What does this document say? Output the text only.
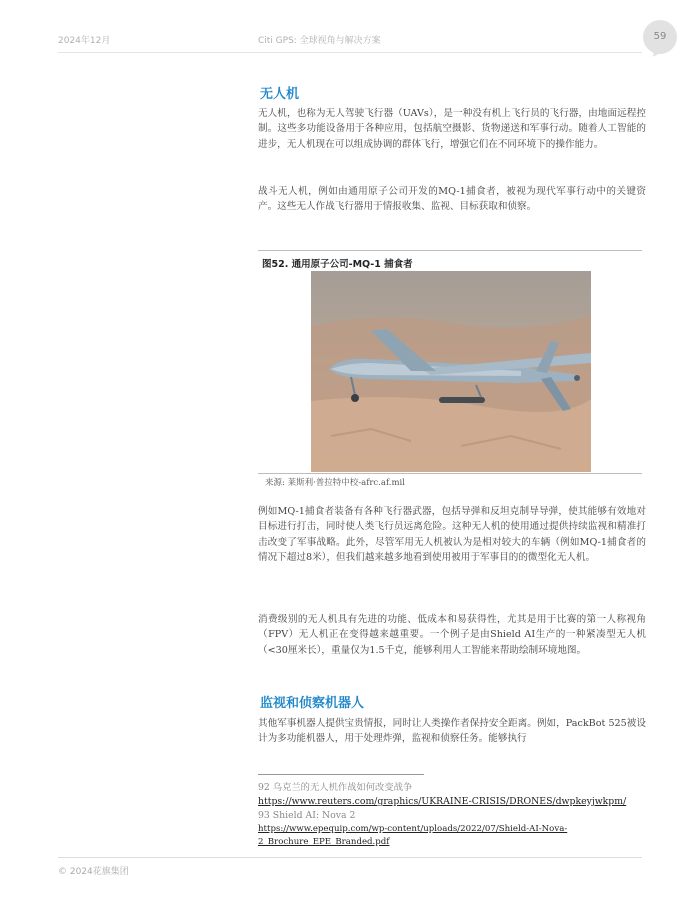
2024年12月	Citi GPS: 全球视角与解决方案	59
无人机
无人机，也称为无人驾驶飞行器（UAVs），是一种没有机上飞行员的飞行器，由地面远程控制。这些多功能设备用于各种应用，包括航空摄影、货物递送和军事行动。随着人工智能的进步，无人机现在可以组成协调的群体飞行，增强它们在不同环境下的操作能力。
战斗无人机，例如由通用原子公司开发的MQ-1捕食者，被视为现代军事行动中的关键资产。这些无人作战飞行器用于情报收集、监视、目标获取和侦察。
图52. 通用原子公司-MQ-1 捕食者
来源: 莱斯利·普拉特中校-afrc.af.mil
例如MQ-1捕食者装备有各种飞行器武器，包括导弹和反坦克制导导弹，使其能够有效地对目标进行打击，同时使人类飞行员远离危险。这种无人机的使用通过提供持续监视和精准打击改变了军事战略。此外，尽管军用无人机被认为是相对较大的车辆（例如MQ-1捕食者的情况下超过8米），但我们越来越多地看到使用被用于军事目的的微型化无人机。
消费级别的无人机具有先进的功能、低成本和易获得性，尤其是用于比赛的第一人称视角（FPV）无人机正在变得越来越重要。一个例子是由Shield AI生产的一种紧凑型无人机（<30厘米长），重量仅为1.5千克，能够利用人工智能来帮助绘制环境地图。
监视和侦察机器人
其他军事机器人提供宝贵情报，同时让人类操作者保持安全距离。例如，PackBot 525被设计为多功能机器人，用于处理炸弹，监视和侦察任务。能够执行
92 乌克兰的无人机作战如何改变战争
https://www.reuters.com/graphics/UKRAINE-CRISIS/DRONES/dwpkeyjwkpm/
93 Shield AI: Nova 2
https://www.epequip.com/wp-content/uploads/2022/07/Shield-AI-Nova-
2_Brochure_EPE_Branded.pdf
© 2024花旗集团
